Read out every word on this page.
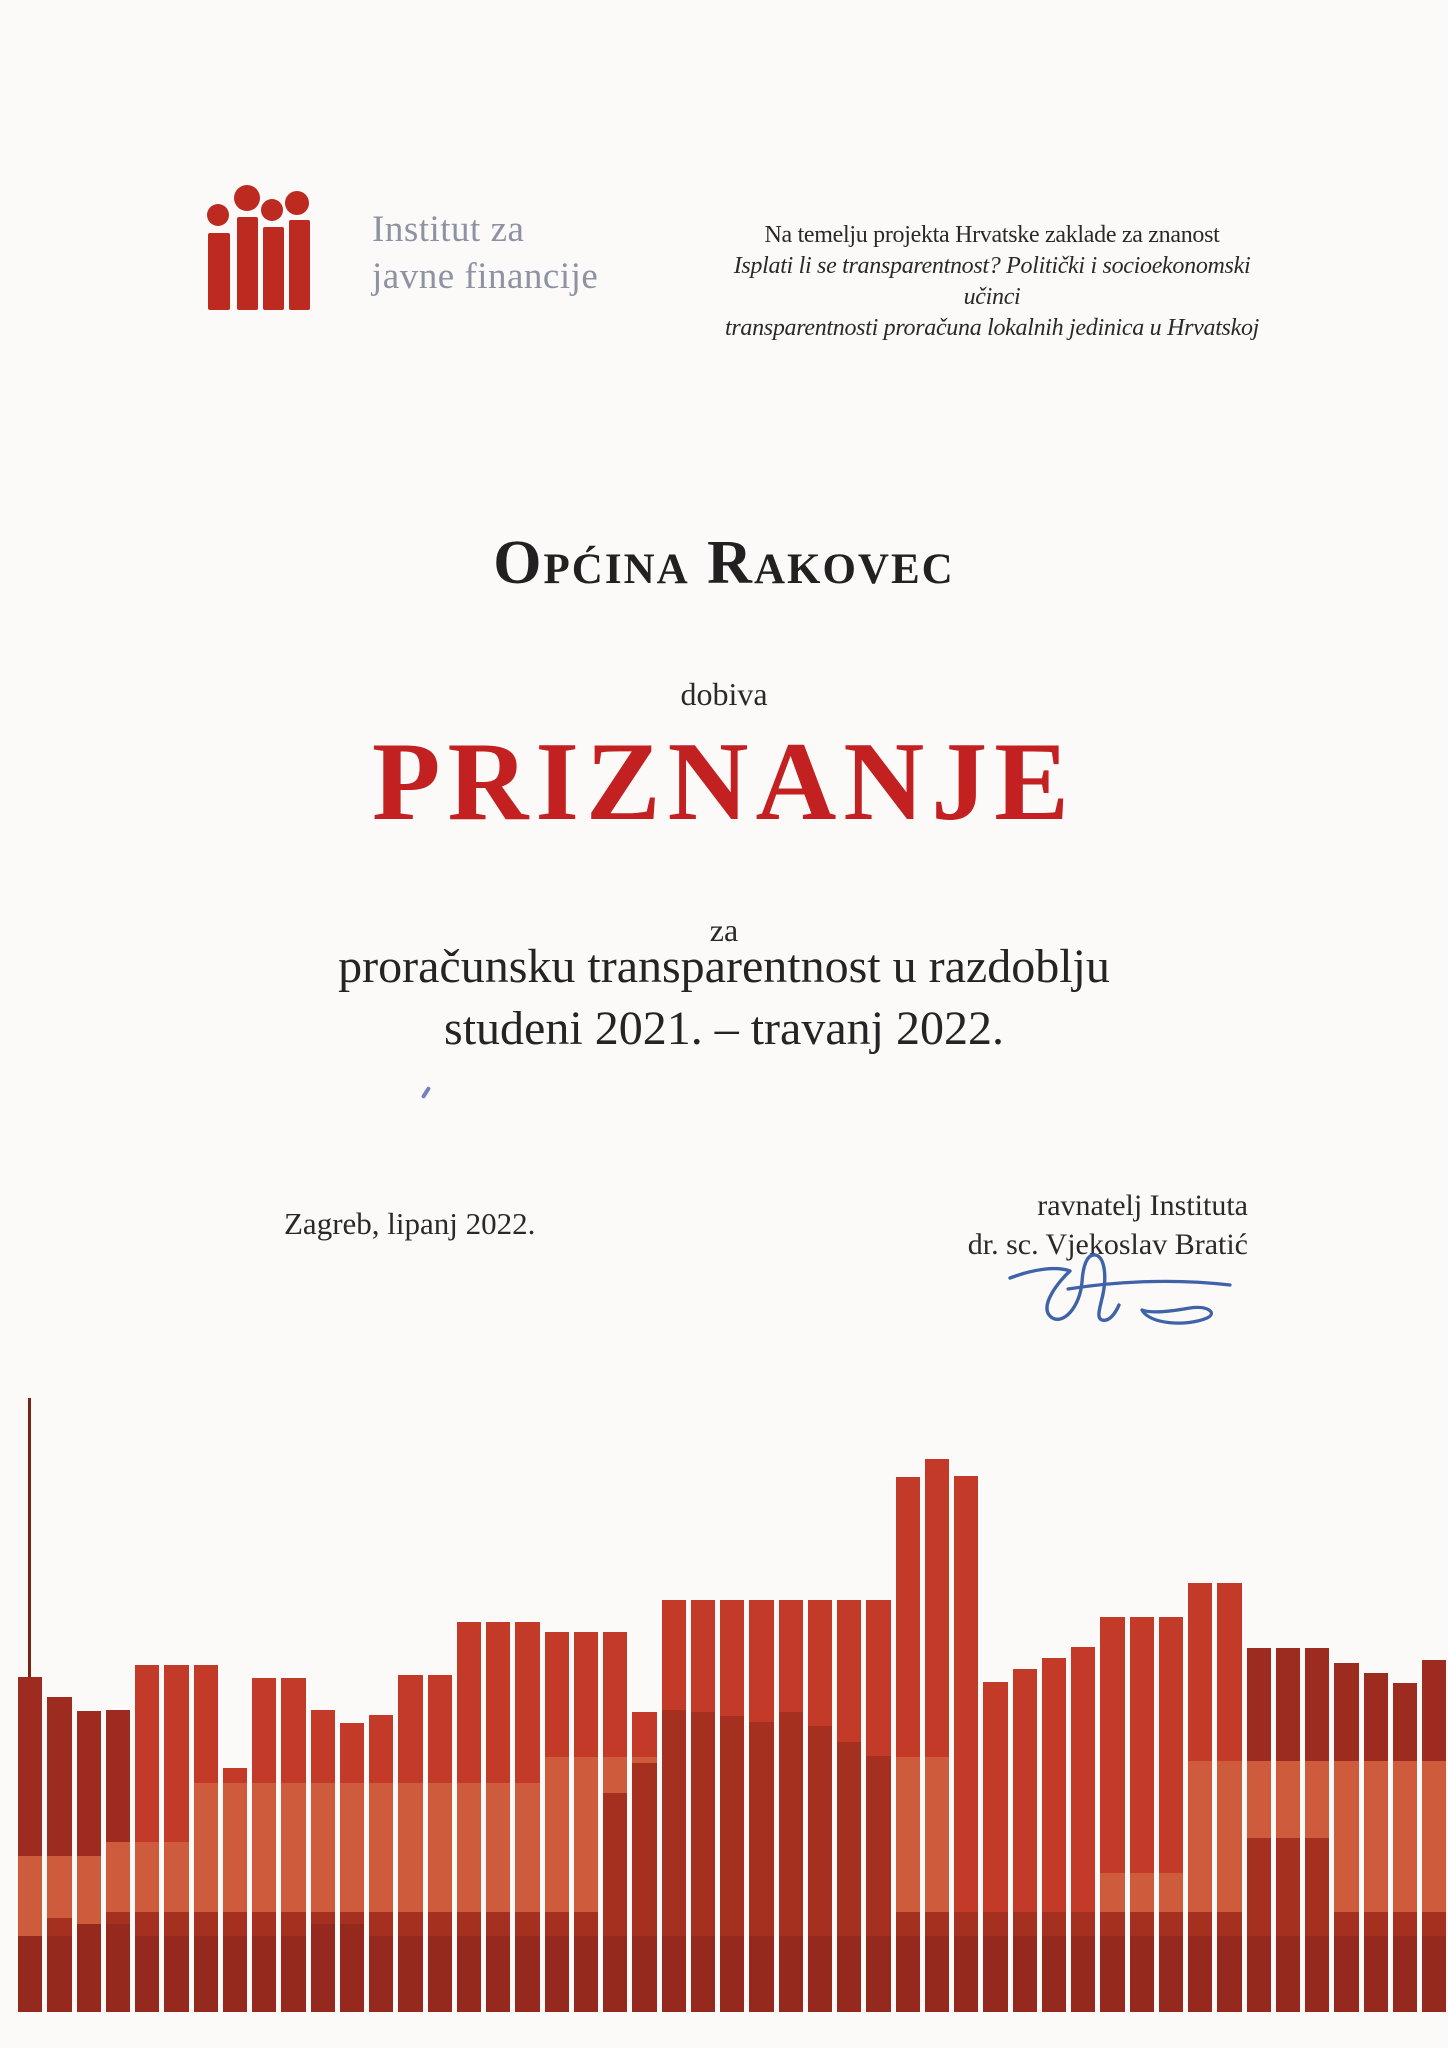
Institut za
javne financije
Na temelju projekta Hrvatske zaklade za znanost
Isplati li se transparentnost? Politički i socioekonomski učinci
transparentnosti proračuna lokalnih jedinica u Hrvatskoj
Općina Rakovec
dobiva
PRIZNANJE
za
proračunsku transparentnost u razdoblju
studeni 2021. – travanj 2022.
Zagreb, lipanj 2022.
ravnatelj Instituta
dr. sc. Vjekoslav Bratić
